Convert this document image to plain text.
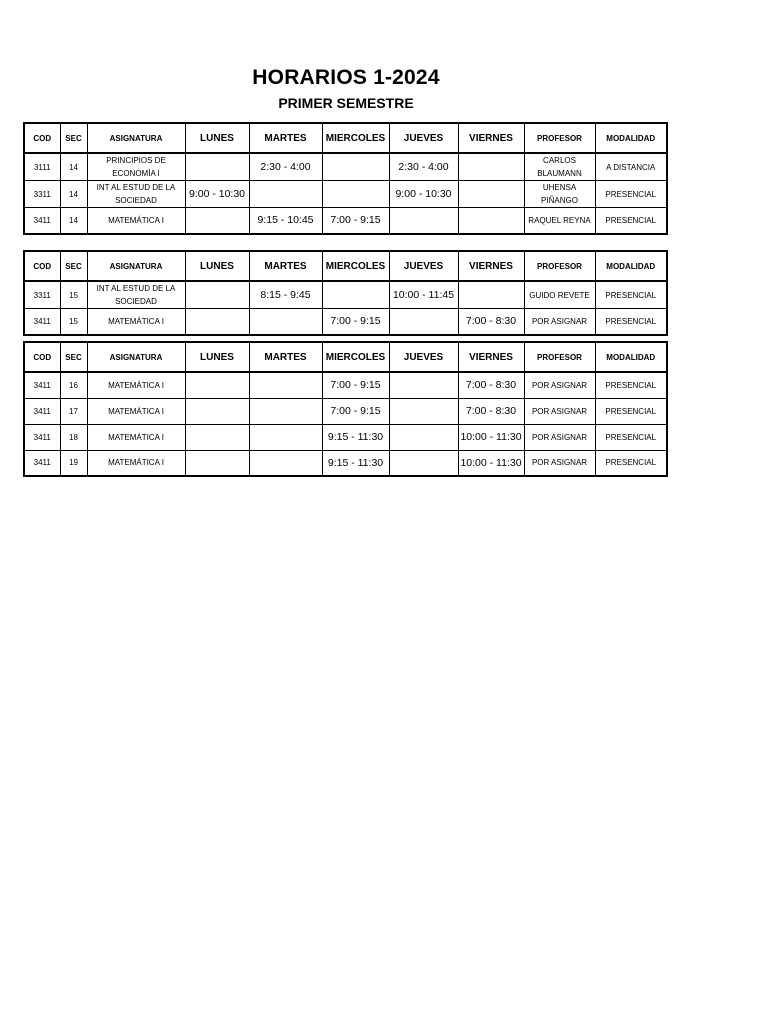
HORARIOS 1-2024
PRIMER SEMESTRE
COD	SEC	ASIGNATURA	LUNES	MARTES	MIERCOLES	JUEVES	VIERNES	PROFESOR	MODALIDAD
3111	14	PRINCIPIOS DE ECONOMÍA I		2:30 - 4:00		2:30 - 4:00		CARLOS BLAUMANN	A DISTANCIA
3311	14	INT AL ESTUD DE LA SOCIEDAD	9:00 - 10:30			9:00 - 10:30		UHENSA PIÑANGO	PRESENCIAL
3411	14	MATEMÁTICA I		9:15 - 10:45	7:00 - 9:15			RAQUEL REYNA	PRESENCIAL
COD	SEC	ASIGNATURA	LUNES	MARTES	MIERCOLES	JUEVES	VIERNES	PROFESOR	MODALIDAD
3311	15	INT AL ESTUD DE LA SOCIEDAD		8:15 - 9:45		10:00 - 11:45		GUIDO REVETE	PRESENCIAL
3411	15	MATEMÁTICA I			7:00 - 9:15		7:00 - 8:30	POR ASIGNAR	PRESENCIAL
COD	SEC	ASIGNATURA	LUNES	MARTES	MIERCOLES	JUEVES	VIERNES	PROFESOR	MODALIDAD
3411	16	MATEMÁTICA I			7:00 - 9:15		7:00 - 8:30	POR ASIGNAR	PRESENCIAL
3411	17	MATEMÁTICA I			7:00 - 9:15		7:00 - 8:30	POR ASIGNAR	PRESENCIAL
3411	18	MATEMÁTICA I			9:15 - 11:30		10:00 - 11:30	POR ASIGNAR	PRESENCIAL
3411	19	MATEMÁTICA I			9:15 - 11:30		10:00 - 11:30	POR ASIGNAR	PRESENCIAL
